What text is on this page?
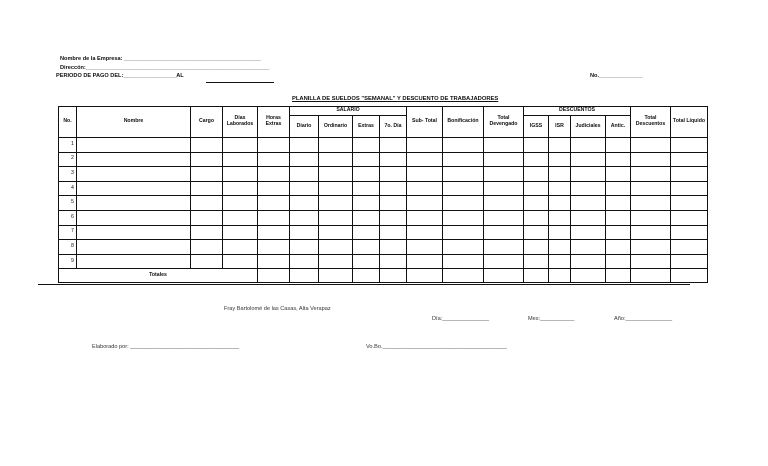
Nombre de la Empresa: ____________________________________________
Direccón:___________________________________________________________
PERIODO DE PAGO DEL:_________________AL	No.______________
PLANILLA DE SUELDOS "SEMANAL" Y DESCUENTO DE TRABAJADORES
No.	Nombre	Cargo	Días Laborados	Horas Extras	SALARIO				Sub- Total	Bonificación	Total Devengado	DESCUENTOS				Total Descuentos	Total Líquido
					Diario	Ordinario	Extras	7o. Día				IGSS	ISR	Judiciales	Antic.		

1																	
2																	
3																	
4																	
5																	
6																	
7																	
8																	
9																	
Totales																	
Fray Bartolomé de las Casas, Alta Verapaz
Día:_______________	Mes:___________	Año:_______________
Elaborado por: ___________________________________	Vo.Bo.________________________________________
